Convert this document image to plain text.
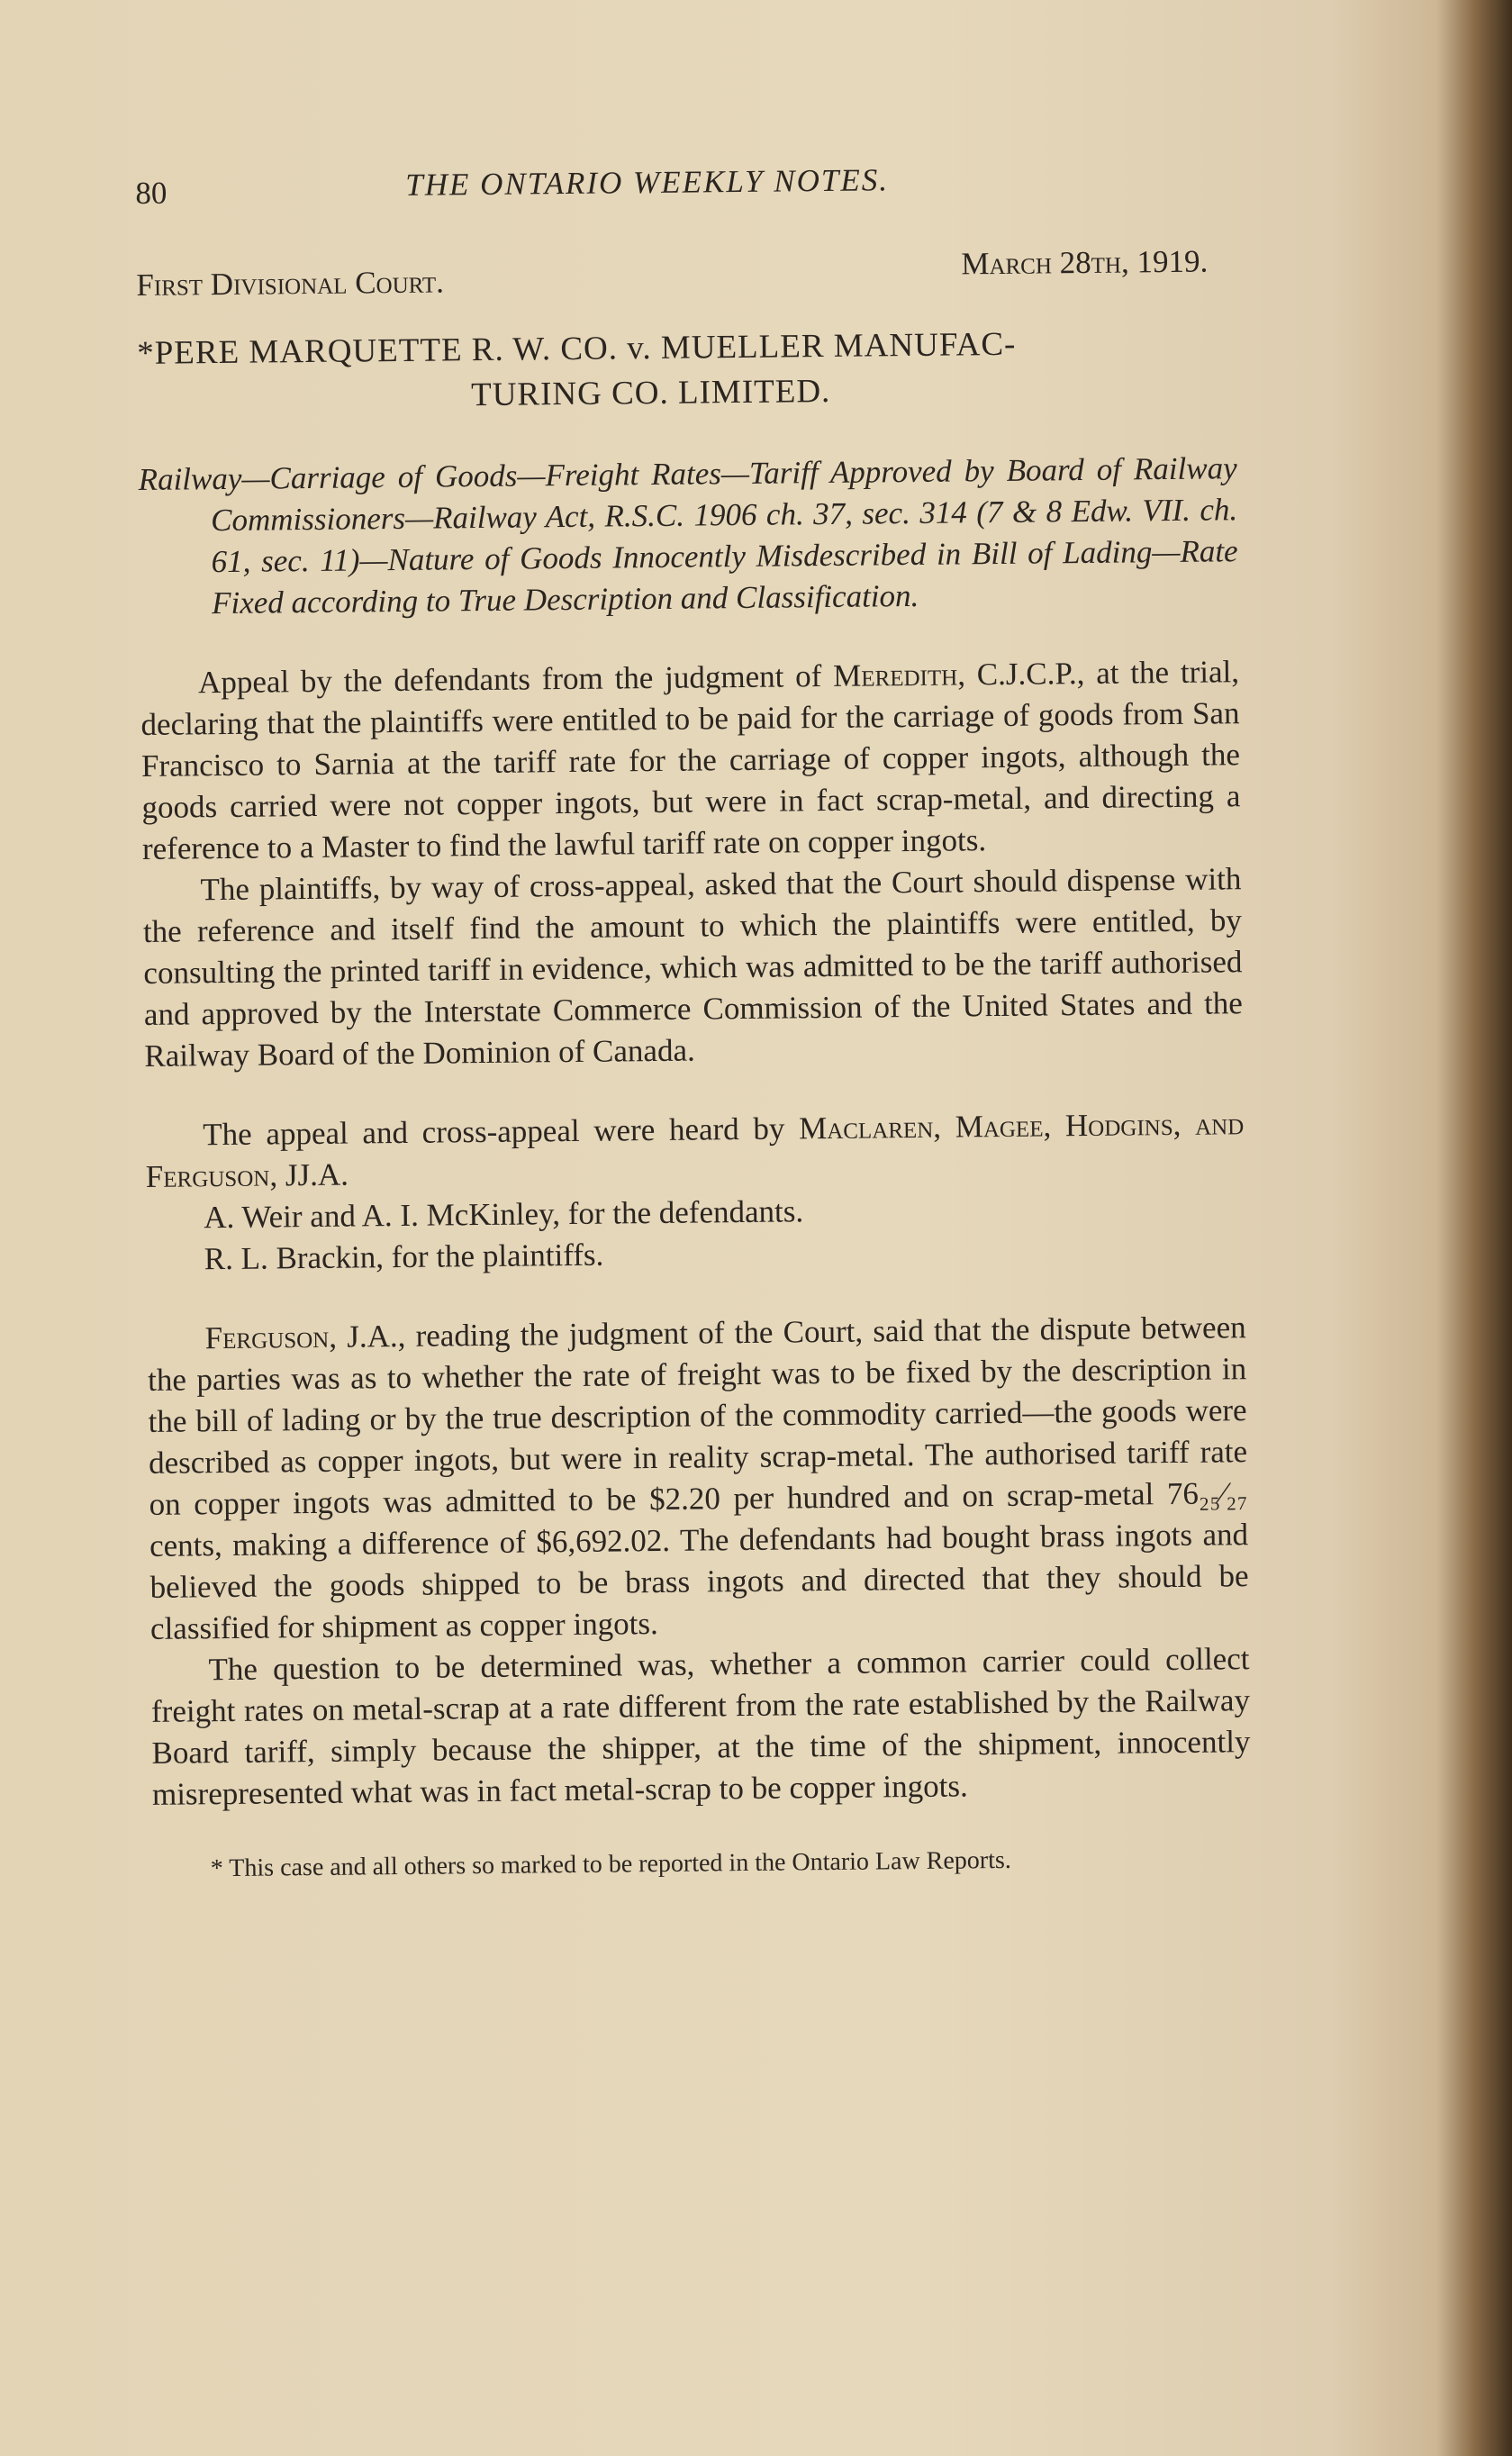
80	THE ONTARIO WEEKLY NOTES.
First Divisional Court.
March 28th, 1919.
*PERE MARQUETTE R. W. CO. v. MUELLER MANUFAC-
TURING CO. LIMITED.
Railway—Carriage of Goods—Freight Rates—Tariff Approved by Board of Railway Commissioners—Railway Act, R.S.C. 1906 ch. 37, sec. 314 (7 & 8 Edw. VII. ch. 61, sec. 11)—Nature of Goods Innocently Misdescribed in Bill of Lading—Rate Fixed according to True Description and Classification.

Appeal by the defendants from the judgment of Meredith, C.J.C.P., at the trial, declaring that the plaintiffs were entitled to be paid for the carriage of goods from San Francisco to Sarnia at the tariff rate for the carriage of copper ingots, although the goods carried were not copper ingots, but were in fact scrap-metal, and directing a reference to a Master to find the lawful tariff rate on copper ingots.

The plaintiffs, by way of cross-appeal, asked that the Court should dispense with the reference and itself find the amount to which the plaintiffs were entitled, by consulting the printed tariff in evidence, which was admitted to be the tariff authorised and approved by the Interstate Commerce Commission of the United States and the Railway Board of the Dominion of Canada.

The appeal and cross-appeal were heard by Maclaren, Magee, Hodgins, and Ferguson, JJ.A.

A. Weir and A. I. McKinley, for the defendants.

R. L. Brackin, for the plaintiffs.

Ferguson, J.A., reading the judgment of the Court, said that the dispute between the parties was as to whether the rate of freight was to be fixed by the description in the bill of lading or by the true description of the commodity carried—the goods were described as copper ingots, but were in reality scrap-metal. The authorised tariff rate on copper ingots was admitted to be $2.20 per hundred and on scrap-metal 76₂₅⁄₂₇ cents, making a difference of $6,692.02. The defendants had bought brass ingots and believed the goods shipped to be brass ingots and directed that they should be classified for shipment as copper ingots.

The question to be determined was, whether a common carrier could collect freight rates on metal-scrap at a rate different from the rate established by the Railway Board tariff, simply because the shipper, at the time of the shipment, innocently misrepresented what was in fact metal-scrap to be copper ingots.

* This case and all others so marked to be reported in the Ontario Law Reports.
